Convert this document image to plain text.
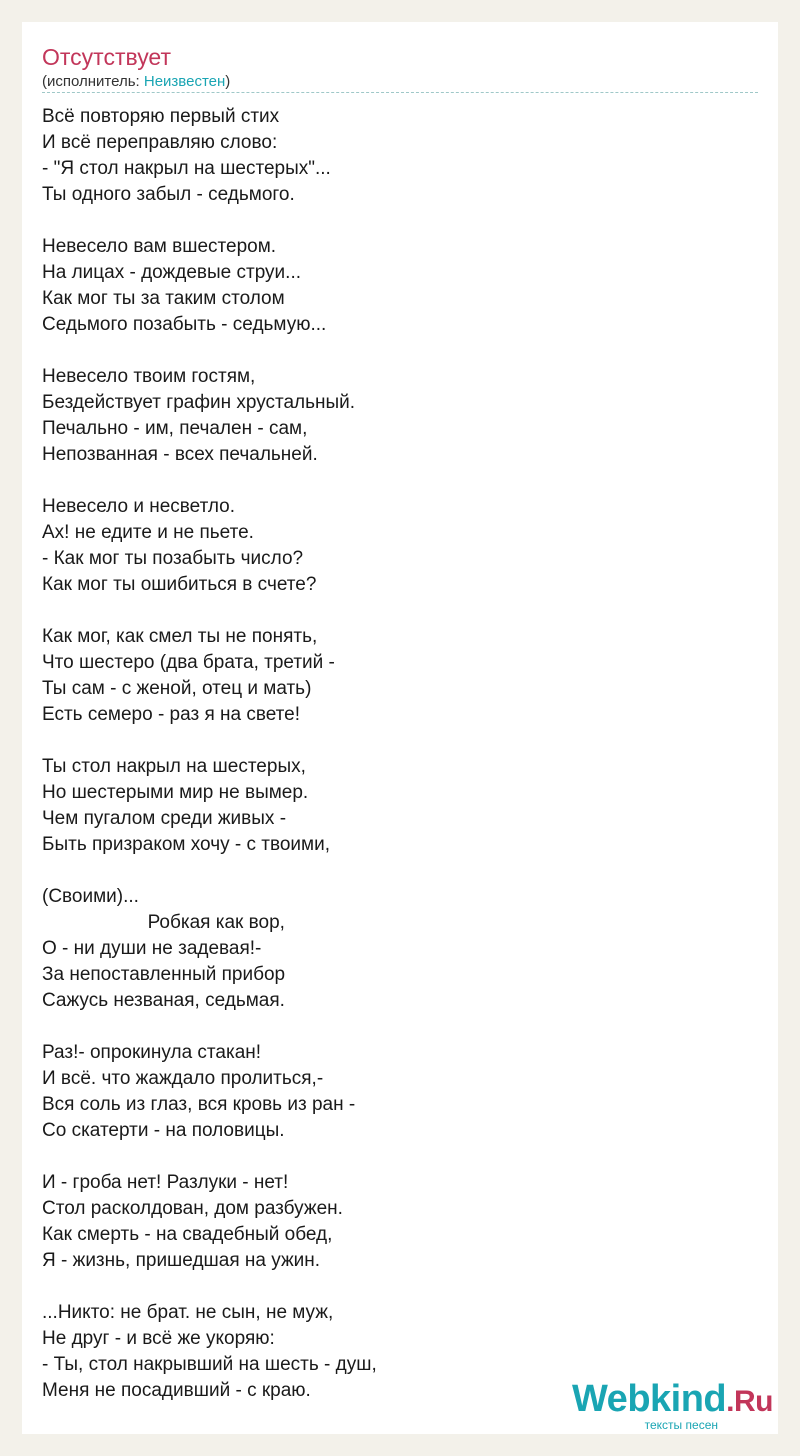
Отсутствует
(исполнитель: Неизвестен)
Всё повторяю первый стих
И всё переправляю слово:
- "Я стол накрыл на шестерых"...
Ты одного забыл - седьмого.
Невесело вам вшестером.
На лицах - дождевые струи...
Как мог ты за таким столом
Седьмого позабыть - седьмую...
Невесело твоим гостям,
Бездействует графин хрустальный.
Печально - им, печален - сам,
Непозванная - всех печальней.
Невесело и несветло.
Ах! не едите и не пьете.
- Как мог ты позабыть число?
Как мог ты ошибиться в счете?
Как мог, как смел ты не понять,
Что шестеро (два брата, третий -
Ты сам - с женой, отец и мать)
Есть семеро - раз я на свете!
Ты стол накрыл на шестерых,
Но шестерыми мир не вымер.
Чем пугалом среди живых -
Быть призраком хочу - с твоими,
(Своими)...
Робкая как вор,
О - ни души не задевая!-
За непоставленный прибор
Сажусь незваная, седьмая.
Раз!- опрокинула стакан!
И всё. что жаждало пролиться,-
Вся соль из глаз, вся кровь из ран -
Со скатерти - на половицы.
И - гроба нет! Разлуки - нет!
Стол расколдован, дом разбужен.
Как смерть - на свадебный обед,
Я - жизнь, пришедшая на ужин.
...Никто: не брат. не сын, не муж,
Не друг - и всё же укоряю:
- Ты, стол накрывший на шесть - душ,
Меня не посадивший - с краю.	Webkind.Ru
тексты песен
